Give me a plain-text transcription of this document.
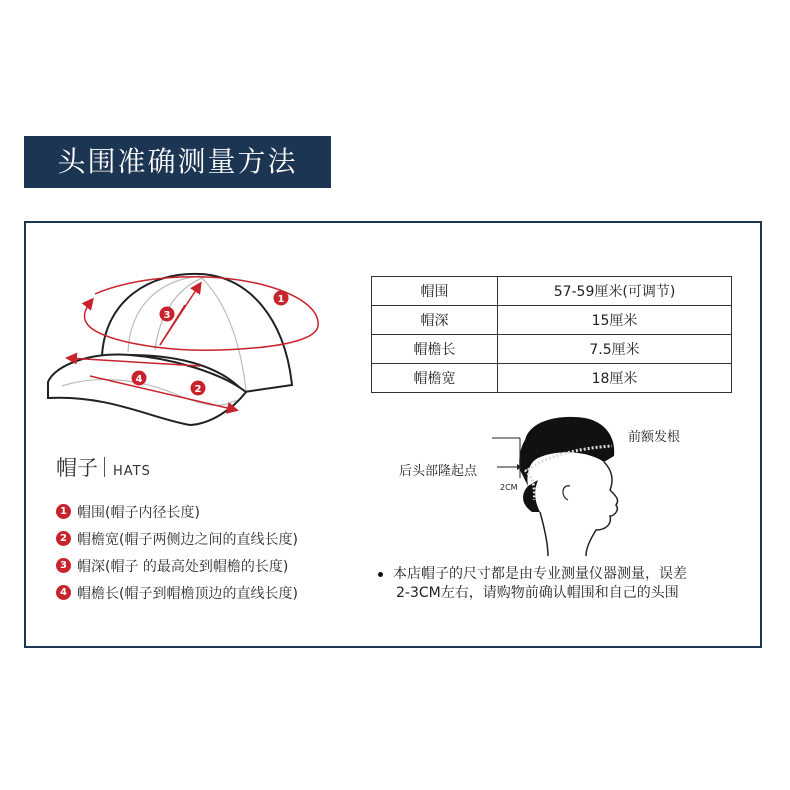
头围准确测量方法
1
2
3
4
帽子 HATS
1 帽围(帽子内径长度)
2 帽檐宽(帽子两侧边之间的直线长度)
3 帽深(帽子 的最高处到帽檐的长度)
4 帽檐长(帽子到帽檐顶边的直线长度)
帽围	57-59厘米(可调节)
帽深	15厘米
帽檐长	7.5厘米
帽檐宽	18厘米
前额发根
后头部隆起点
2CM
本店帽子的尺寸都是由专业测量仪器测量，误差
2-3CM左右，请购物前确认帽围和自己的头围
